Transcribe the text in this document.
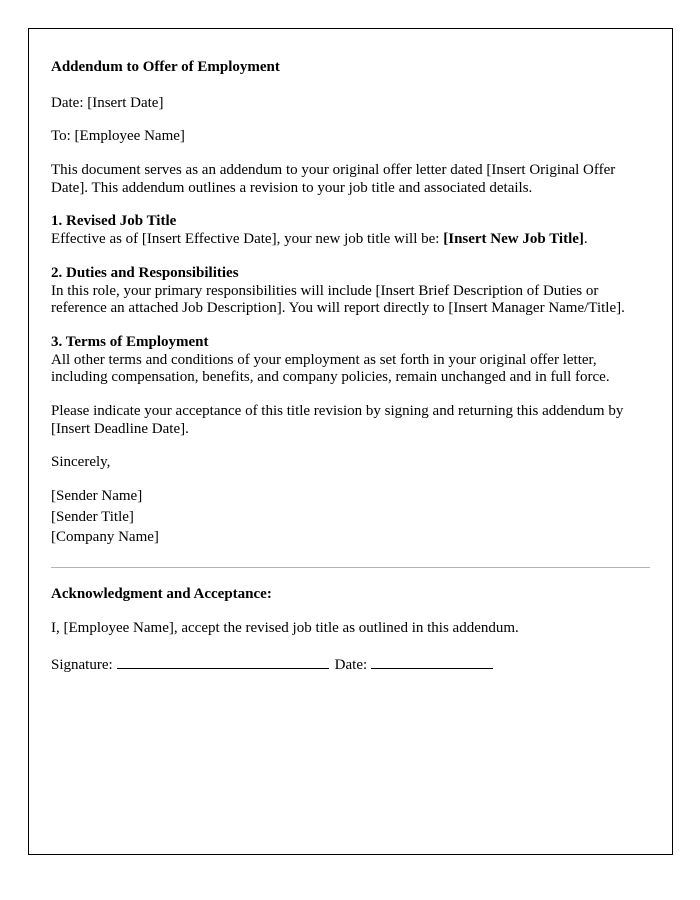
Addendum to Offer of Employment

Date: [Insert Date]

To: [Employee Name]

This document serves as an addendum to your original offer letter dated [Insert Original Offer Date]. This addendum outlines a revision to your job title and associated details.

1. Revised Job Title
Effective as of [Insert Effective Date], your new job title will be: [Insert New Job Title].
2. Duties and Responsibilities
In this role, your primary responsibilities will include [Insert Brief Description of Duties or reference an attached Job Description]. You will report directly to [Insert Manager Name/Title].
3. Terms of Employment
All other terms and conditions of your employment as set forth in your original offer letter, including compensation, benefits, and company policies, remain unchanged and in full force.

Please indicate your acceptance of this title revision by signing and returning this addendum by [Insert Deadline Date].

Sincerely,

[Sender Name]
[Sender Title]
[Company Name]
Acknowledgment and Acceptance:

I, [Employee Name], accept the revised job title as outlined in this addendum.

Signature:	Date:
